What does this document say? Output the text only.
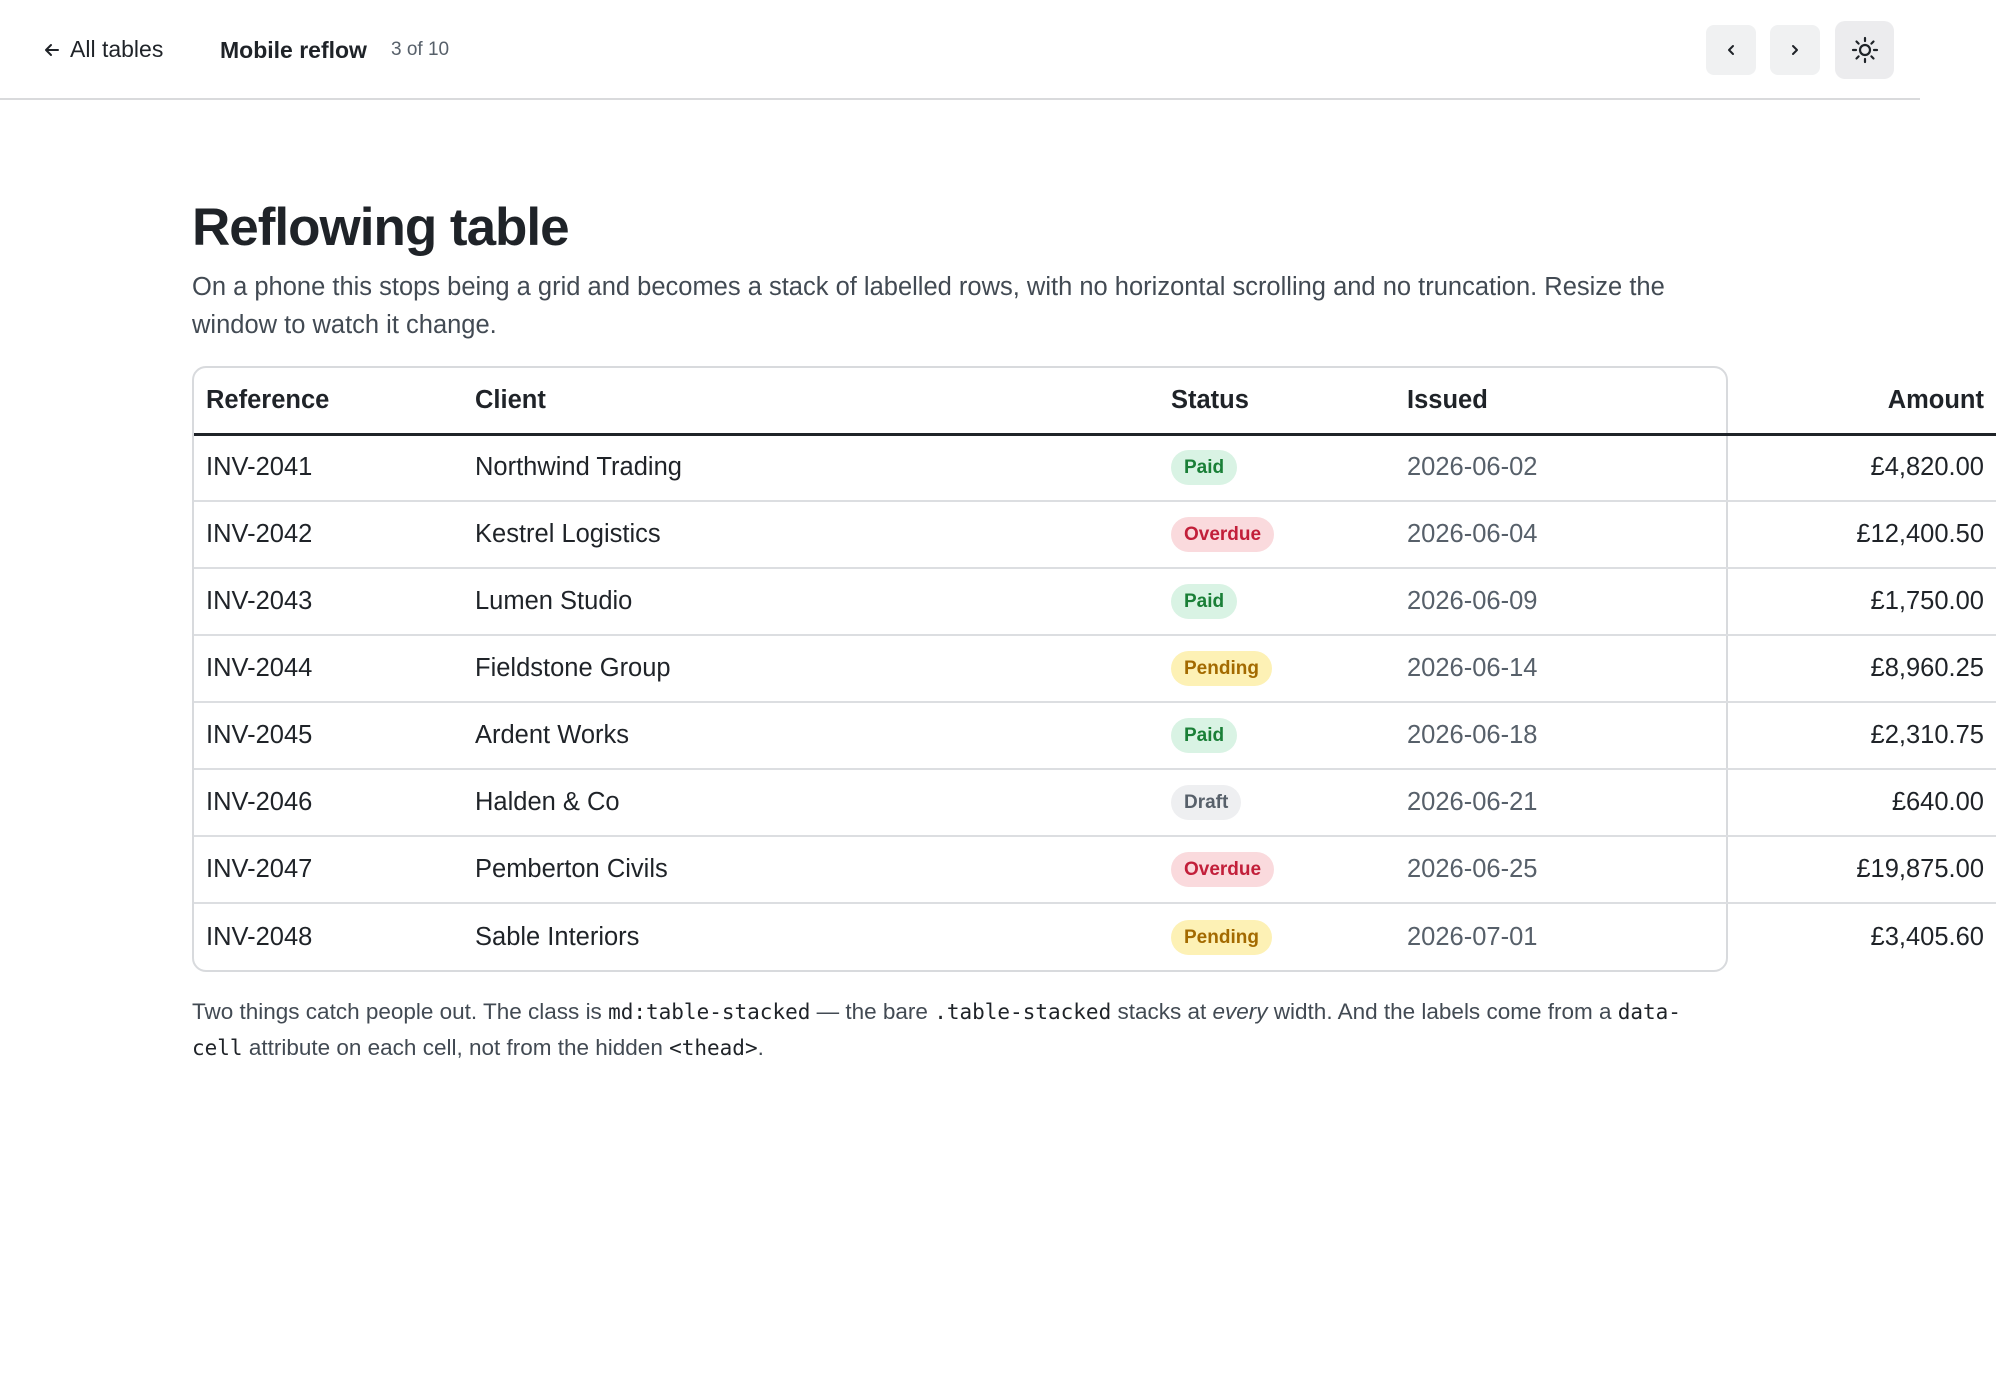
All tables Mobile reflow 3 of 10
Reflowing table

On a phone this stops being a grid and becomes a stack of labelled rows, with no horizontal scrolling and no truncation. Resize the window to watch it change.

Reference	Client	Status	Issued	Amount
INV-2041	Northwind Trading	Paid	2026-06-02	£4,820.00
INV-2042	Kestrel Logistics	Overdue	2026-06-04	£12,400.50
INV-2043	Lumen Studio	Paid	2026-06-09	£1,750.00
INV-2044	Fieldstone Group	Pending	2026-06-14	£8,960.25
INV-2045	Ardent Works	Paid	2026-06-18	£2,310.75
INV-2046	Halden & Co	Draft	2026-06-21	£640.00
INV-2047	Pemberton Civils	Overdue	2026-06-25	£19,875.00
INV-2048	Sable Interiors	Pending	2026-07-01	£3,405.60

Two things catch people out. The class is md:table-stacked — the bare .table-stacked stacks at every width. And the labels come from a data-cell attribute on each cell, not from the hidden <thead>.
